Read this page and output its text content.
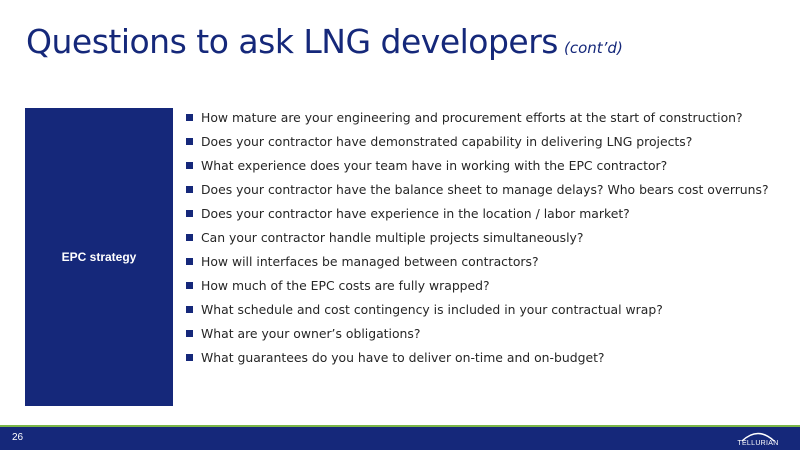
Questions to ask LNG developers (cont’d)
EPC strategy
How mature are your engineering and procurement efforts at the start of construction?
Does your contractor have demonstrated capability in delivering LNG projects?
What experience does your team have in working with the EPC contractor?
Does your contractor have the balance sheet to manage delays? Who bears cost overruns?
Does your contractor have experience in the location / labor market?
Can your contractor handle multiple projects simultaneously?
How will interfaces be managed between contractors?
How much of the EPC costs are fully wrapped?
What schedule and cost contingency is included in your contractual wrap?
What are your owner’s obligations?
What guarantees do you have to deliver on-time and on-budget?
26
TELLURIAN
